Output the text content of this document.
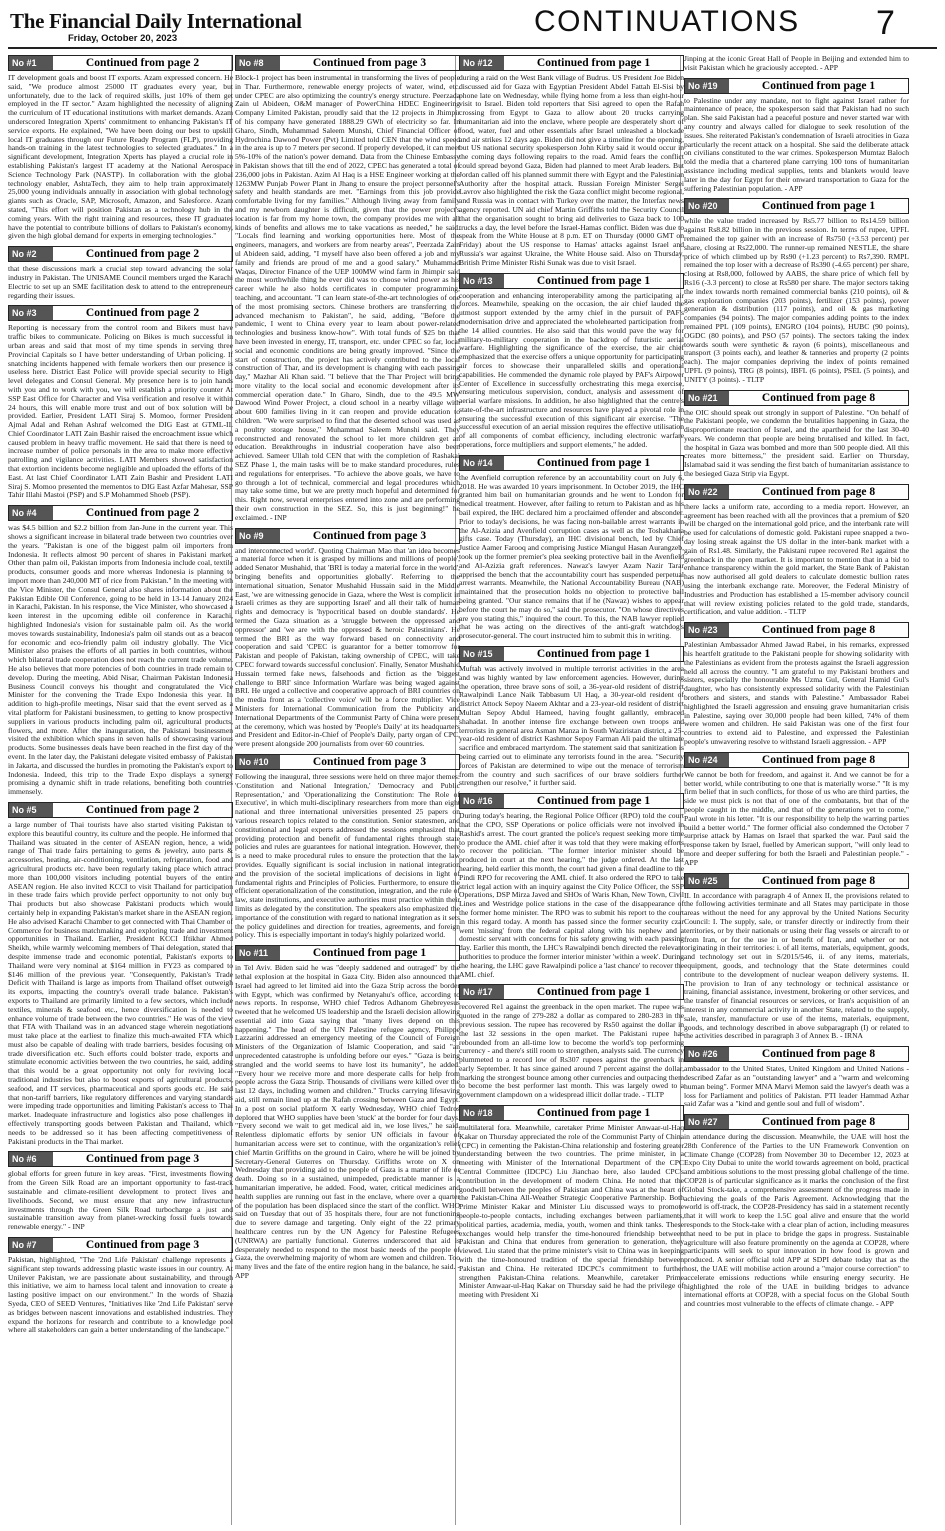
The Financial Daily International
Friday, October 20, 2023
CONTINUATIONS 7
No #1	Continued from page 2

IT development goals and boost IT exports. Azam expressed concern. He said, "We produce almost 25000 IT graduates every year, but unfortunately, due to the lack of required skills, just 10% of them get employed in the IT sector." Azam highlighted the necessity of aligning the curriculum of IT educational institutions with market demands. Azam underscored Integration Xperts' commitment to enhancing Pakistan's IT service exports. He explained, "We have been doing our best to upskill local IT graduates through our Future Ready Program (FLP), providing hands-on training in the latest technologies to selected graduates." In a significant development, Integration Xperts has played a crucial role in establishing Pakistan's largest IT academy at the National Aerospace Science Technology Park (NASTP). In collaboration with the global technology enabler, AshtaTech, they aim to help train approximately 25,000 young individuals annually in association with global technology giants such as Oracle, SAP, Microsoft, Amazon, and Salesforce. Azam stated, "This effort will position Pakistan as a technology hub in the coming years. With the right training and resources, these IT graduates have the potential to contribute billions of dollars to Pakistan's economy, given the high global demand for experts in emerging technologies."

No #2	Continued from page 2

that these discussions mark a crucial step toward advancing the solar industry in Pakistan. The UNISAME Council members urged the Karachi Electric to set up an SME facilitation desk to attend to the entrepreneurs regarding their issues.

No #3	Continued from page 2

Reporting is necessary from the control room and Bikers must have traffic bikes to communicate. Policing on Bikes is much successful in urban areas and said that most of my time spends in serving three Provincial Capitals so I have better understanding of Urban policing. If snatching incidents happened with female workers then our presence is useless here. District East Police will provide special security to High level delegates and Consul General. My presence here is to join hands with you and to work with you, we will establish a priority counter At SSP East Office for Character and Visa verification and resolve it within 24 hours, this will enable more trust and out of box solution will be provided. Earlier, President LATI Siraj S. Momoo, former President Ajmal Adal and Rehan Ashraf welcomed the DIG East at GTML-II. Chief Coordinator LATI Zain Bashir raised the encroachment issue which caused problem in heavy traffic movement. He said that there is need to increase number of police personals in the area to make more effective patrolling and vigilance activities. LATI Members showed satisfaction that extortion incidents become negligible and uploaded the efforts of the East. At last Chief Coordinator LATI Zain Bashir and President LATI Siraj S. Momoo presented the mementos to DIG East Azfar Mahesar, SSP Tahir Illahi Mastoi (PSP) and S.P Mohammed Shoeb (PSP).

No #4	Continued from page 2

was $4.5 billion and $2.2 billion from Jan-June in the current year. This shows a significant increase in bilateral trade between two countries over the years. "Pakistan is one of the biggest palm oil importers from Indonesia. It reflects almost 90 percent of shares in Pakistani market. Other than palm oil, Pakistan imports from Indonesia include coal, textile products, consumer goods and more whereas Indonesia is planning to import more than 240,000 MT of rice from Pakistan." In the meeting with the Vice Minister, the Consul General also shares information about the Pakistan Edible Oil Conference, going to be held in 13-14 January 2024 in Karachi, Pakistan. In his response, the Vice Minister, who showcased a keen interest in the upcoming edible oil conference in Karachi, highlighted Indonesia's vision for sustainable palm oil. As the world moves towards sustainability, Indonesia's palm oil stands out as a beacon for economic and eco-friendly palm oil industry globally. The Vice Minister also praises the efforts of all parties in both countries, without which bilateral trade cooperation does not reach the current trade volume. He also believes that more potencies of both countries in trade remain to develop. During the meeting, Abid Nisar, Chairman Pakistan Indonesia Business Council conveys his thought and congratulated the Vice Minister for the convening the Trade Expo Indonesia this year. In addition to high-profile meetings, Nisar said that the event served as a vital platform for Pakistani businessmen, to getting to know prospective suppliers in various products including palm oil, agricultural products, flowers, and more. After the inauguration, the Pakistani businessmen visited the exhibition which spans in seven halls of showcasing various products. Some businesses deals have been reached in the first day of the event. In the later day, the Pakistani delegate visited embassy of Pakistan in Jakarta, and discussed the hurdles in promoting the Pakistan's export to Indonesia. Indeed, this trip to the Trade Expo displays a synergy promising a dynamic shift in trade relations, benefiting both countries immensely.

No #5	Continued from page 2

a large number of Thai tourists have also started visiting Pakistan to explore this beautiful country, its culture and the people. He informed that Thailand was situated in the center of ASEAN region, hence, a wide range of Thai trade fairs pertaining to gems & jewelry, auto parts & accessories, heating, air-conditioning, ventilation, refrigeration, food and agricultural products etc. have been regularly taking place which attract more than 100,000 visitors including potential buyers of the entire ASEAN region. He also invited KCCI to visit Thailand for participation in these trade fairs which provide perfect opportunity to not only buy Thai products but also showcase Pakistani products which would certainly help in expanding Pakistan's market share in the ASEAN region. He also advised Karachi Chamber to get connected with Thai Chamber of Commerce for business matchmaking and exploring trade and investment opportunities in Thailand. Earlier, President KCCI Iftikhar Ahmed Sheikh, while warmly welcoming members of Thai delegation, stated that despite immense trade and economic potential, Pakistan's exports to Thailand were very nominal at $164 million in FY23 as compared to $146 million of the previous year. "Consequently, Pakistan's Trade Deficit with Thailand is large as imports from Thailand offset outweigh its exports, impacting the country's overall trade balance. Pakistan's exports to Thailand are primarily limited to a few sectors, which include textiles, minerals & seafood etc., hence diversification is needed to enhance volume of trade between the two countries." He was of the view that FTA with Thailand was in an advanced stage wherein negotiations must take place at the earliest to finalize this much-awaited FTA which must also be capable of dealing with trade barriers, besides focusing on trade diversification etc. Such efforts could bolster trade, exports and stimulate economic activities between the two countries, he said, adding that this would be a great opportunity not only for reviving local traditional industries but also to boost exports of agricultural products, seafood, and IT services, pharmaceutical and sports goods etc. He said that non-tariff barriers, like regulatory differences and varying standards were impeding trade opportunities and limiting Pakistan's access to Thai market. Inadequate infrastructure and logistics also pose challenges in effectively transporting goods between Pakistan and Thailand, which needs to be addressed so it has been affecting competitiveness of Pakistani products in the Thai market.

No #6	Continued from page 3

global efforts for green future in key areas. "First, investments flowing from the Green Silk Road are an important opportunity to fast-track sustainable and climate-resilient development to protect lives and livelihoods. Second, we must ensure that any new infrastructure investments through the Green Silk Road turbocharge a just and sustainable transition away from planet-wrecking fossil fuels towards renewable energy." - INP

No #7	Continued from page 3

Pakistan, highlighted, "The '2nd Life Pakistan' challenge represents a significant step towards addressing plastic waste issues in our country. At Unilever Pakistan, we are passionate about sustainability, and through this initiative, we aim to harness local talent and innovation to create a lasting positive impact on our environment." In the words of Shazia Syeda, CEO of SEED Ventures, "Initiatives like '2nd Life Pakistan' serve as bridges between nascent innovations and established industries. They expand the horizons for research and contribute to a knowledge pool where all stakeholders can gain a better understanding of the landscape."

No #8	Continued from page 3

Block-1 project has been instrumental in transforming the lives of people in Thar. Furthermore, renewable energy projects of water, wind, etc. under CPEC are also optimizing the country's energy structure. Peerzada Zain ul Abideen, O&M manager of PowerChina HDEC Engineering Company Limited Pakistan, proudly said that the 12 projects in Jhimpir of his company have generated 1888.29 GWh of electricity so far. In Gharo, Sindh, Muhammad Saleem Munshi, Chief Financial Officer of Hydrochina Dawood Power (Pvt) Limited told CEN that the wind speed in the area is up to 7 meters per second. If properly developed, it can meet 5%-10% of the nation's power demand. Data from the Chinese Embassy in Pakistan shows that till the end of 2022, CPEC has generated a total of 236,000 jobs in Pakistan. Azim Al Haq is a HSE Engineer working at the 1263MW Punjab Power Plant in Jhang to ensure the project personnel's safety and health standards are met. "Earnings from this job provide comfortable living for my families." Although living away from family and my newborn daughter is difficult, given that the power project's location is far from my home town, the company provides me with all kinds of benefits and allows me to take vacations as needed," he said. "Locals find learning and working opportunities here. Most of the engineers, managers, and workers are from nearby areas", Peerzada Zain ul Abideen said, adding, "I myself have also been offered a job and my family and friends are proud of me and a good salary." Muhammad Waqas, Director Finance of the UEP 100MW wind farm in Jhimpir said the most worthwhile thing he ever did was to choose wind power as his career while he also holds certificates in computer programming, teaching, and accountant. "I can learn state-of-the-art technologies of one of the most promising sectors. Chinese brothers are transferring the advanced mechanism to Pakistan", he said, adding, "Before the pandemic, I went to China every year to learn about power-related technologies and business know-how". With total funds of $25 bn that have been invested in energy, IT, transport, etc. under CPEC so far, local social and economic conditions are being greatly improved. "Since the start of construction, the project has actively contributed to the local construction of Thar, and its development is changing with each passing day," Mazhar Ali Khan said. "I believe that the Thar Project will bring more vitality to the local social and economic development after its commercial operation date." In Gharo, Sindh, due to the 49.5 MW Dawood Wind Power Project, a cloud school in a nearby village with about 600 families living in it can reopen and provide education to children. "We were surprised to find that the deserted school was used as a poultry storage house," Muhammad Saleem Munshi said. They reconstructed and renovated the school to let more children get an education. Breakthroughs in industrial cooperation have also been achieved. Sameer Ullah told CEN that with the completion of Rashakai SEZ Phase 1, the main tasks will be to make standard procedures, rules and regulations for enterprises. "To achieve the above goals, we have to go through a lot of technical, commercial and legal procedures which may take some time, but we are pretty much hopeful and determined for this. Right now, several enterprises entered into zone and are performing their own construction in the SEZ. So, this is just beginning!" he exclaimed. - INP

No #9	Continued from page 3

and interconnected world'. Quoting Chairman Mao that 'an idea becomes a material force when it is grasped by millions and millions of people', added Senator Mushahid, that 'BRI is today a material force in the world', bringing benefits and opportunities globally'. Referring to the international situation, Senator Mushahid Hussain said in the Middle East, 'we are witnessing genocide in Gaza, where the West is complicit in Israeli crimes as they are supporting Israel' and all their talk of human rights and democracy is 'hypocritical based on double standards'. He termed the Gaza situation as a 'struggle between the oppressed and oppressor' and 'we are with the oppressed & heroic Palestinians'. He termed the BRI as the way forward based on connectivity and cooperation and said 'CPEC is guarantor for a better tomorrow for Pakistan and people of Pakistan, taking ownership of CPEC, will take CPEC forward towards successful conclusion'. Finally, Senator Mushahid Hussain termed fake news, falsehoods and fiction as the 'biggest challenge to BRI' since Information Warfare was being waged against BRI. He urged a collective and cooperative approach of BRI countries on the media front as a 'collective voice' will be a force multiplier. Vice Ministers for International Communication from the Publicity and International Departments of the Communist Party of China were present at the ceremony, which was hosted by 'People's Daily' at its headquarters and President and Editor-in-Chief of People's Daily, party organ of CPC, were present alongside 200 journalists from over 60 countries.

No #10	Continued from page 3

Following the inaugural, three sessions were held on three major themes: 'Constitution and National Integration,' 'Democracy and Public Representation,' and 'Operationalizing the Constitution: The Role of Executive', in which multi-disciplinary researchers from more than eight national and three international universities presented 25 papers on various research topics related to the constitution. Senior statesmen, and constitutional and legal experts addressed the sessions emphasized that providing protection and benefit of fundamental rights through state policies and rules are guarantees for national integration. However, there is a need to make procedural rules to ensure the protection that the law provides. Equally significant is social inclusion in national integration and the provision of the societal implications of decisions in light of fundamental rights and Principles of Policies. Furthermore, to ensure the efficient operationalization of the constitution, integration, and the rule of law, state institutions, and executive authorities must practice within their limits as delegated by the constitution. The speakers also emphasized the importance of the constitution with regard to national integration as it sets the policy guidelines and direction for treaties, agreements, and foreign policy. This is especially important in today's highly polarized world.

No #11	Continued from page 1

in Tel Aviv. Biden said he was "deeply saddened and outraged" by the lethal explosion at the hospital in Gaza City. Biden also announced that Israel had agreed to let limited aid into the Gaza Strip across the border with Egypt, which was confirmed by Netanyahu's office, according to news reports. In response, WHO chief Tedros Adhanom Ghebreyesus tweeted that he welcomed US leadership and the Israeli decision allowing essential aid into Gaza saying that "many lives depend on this happening." The head of the UN Palestine refugee agency, Philippe Lazzarini addressed an emergency meeting of the Council of Foreign Ministers of the Organization of Islamic Cooperation, and said "an unprecedented catastrophe is unfolding before our eyes." "Gaza is being strangled and the world seems to have lost its humanity", he added. "Every hour we receive more and more desperate calls for help from people across the Gaza Strip. Thousands of civilians were killed over the last 12 days, including women and children." Trucks carrying lifesaving aid, still remain lined up at the Rafah crossing between Gaza and Egypt. In a post on social platform X early Wednesday, WHO chief Tedros deplored that WHO supplies have been 'stuck' at the border for four days. "Every second we wait to get medical aid in, we lose lives," he said. Relentless diplomatic efforts by senior UN officials in favour of humanitarian access were set to continue, with the organization's relief chief Martin Griffiths on the ground in Cairo, where he will be joined by Secretary-General Guterres on Thursday. Griffiths wrote on X on Wednesday that providing aid to the people of Gaza is a matter of life or death. Doing so in a sustained, unimpeded, predictable manner is a humanitarian imperative, he added. Food, water, critical medicines and health supplies are running out fast in the enclave, where over a quarter of the population has been displaced since the start of the conflict. WHO said on Tuesday that out of 35 hospitals there, four are not functioning due to severe damage and targeting. Only eight of the 22 primary healthcare centres run by the UN Agency for Palestine Refugees (UNRWA) are partially functional. Guterres underscored that aid is desperately needed to respond to the most basic needs of the people of Gaza, the overwhelming majority of whom are women and children. Too many lives and the fate of the entire region hang in the balance, he said. - APP

No #12	Continued from page 1

during a raid on the West Bank village of Budrus. US President Joe Biden discussed aid for Gaza with Egyptian President Abdel Fattah El-Sisi by phone late on Wednesday, while flying home from a less than eight-hour visit to Israel. Biden told reporters that Sisi agreed to open the Rafah crossing from Egypt to Gaza to allow about 20 trucks carrying humanitarian aid into the enclave, where people are desperately short of food, water, fuel and other essentials after Israel unleashed a blockade and air strikes 12 days ago. Biden did not give a timeline for the opening, but US national security spokesperson John Kirby said it would occur in the coming days following repairs to the road. Amid fears the conflict could spread beyond Gaza, Biden had planned to meet Arab leaders. But Jordan called off his planned summit there with Egypt and the Palestinian Authority after the hospital attack. Russian Foreign Minister Sergei Lavrov also highlighted the risk the Gaza conflict might become regional, and Russia was in contact with Turkey over the matter, the Interfax news agency reported. UN aid chief Martin Griffiths told the Security Council that the organisation sought to bring aid deliveries to Gaza back to 100 trucks a day, the level before the Israel-Hamas conflict. Biden was due to speak from the White House at 8 p.m. ET on Thursday (0000 GMT on Friday) about the US response to Hamas' attacks against Israel and Russia's war against Ukraine, the White House said. Also on Thursday, British Prime Minister Rishi Sunak was due to visit Israel.

No #13	Continued from page 1

cooperation and enhancing interoperability among the participating air forces. Meanwhile, speaking on the occasion, the air chief lauded the utmost support extended by the army chief in the pursuit of PAF's modernisation drive and appreciated the wholehearted participation from the 14 allied countries. He also said that this would pave the way for military-to-military cooperation in the backdrop of futuristic aerial warfare. Highlighting the significance of the exercise, the air chief emphasized that the exercise offers a unique opportunity for participating air forces to showcase their unparalleled skills and operational capabilities. He commended the dynamic role played by PAF's Airpower Center of Excellence in successfully orchestrating this mega exercise, ensuring meticulous supervision, conduct, analysis and assessment of aerial warfare missions. In addition, he also highlighted that the centre's state-of-the-art infrastructure and resources have played a pivotal role in ensuring the successful execution of this significant air exercise. "The successful execution of an aerial mission requires the effective utilisation of all components of combat efficiency, including electronic warfare operations, force multipliers and support elements," he added.

No #14	Continued from page 1

the Avenfield corruption reference by an accountability court on July 6, 2018. He was awarded 10 years imprisonment. In October 2019, the IHC granted him bail on humanitarian grounds and he went to London for medical treatment. However, after failing to return to Pakistan and as his bail expired, the IHC declared him a proclaimed offender and absconder. Prior to today's decisions, he was facing non-bailable arrest warrants in the Al-Azizia and Avenfield corruption cases as well as the Toshakhana gifts case. Today (Thursday), an IHC divisional bench, led by Chief Justice Aamer Farooq and comprising Justice Miangul Hasan Aurangzeb, took up the former premier's plea seeking protective bail in the Avenfield and Al-Azizia graft references. Nawaz's lawyer Azam Nazir Tarar apprised the bench that the accountability court has suspended perpetual arrest warrants. Meanwhile, the National Accountability Bureau (NAB) maintained that the prosecution holds no objection to protective bail being granted. "Our stance remains that if he (Nawaz) wishes to appear before the court he may do so," said the prosecutor. "On whose directives are you stating this," inquired the court. To this, the NAB lawyer replied that he was acting on the directives of the anti-graft watchdog's prosecutor-general. The court instructed him to submit this in writing.

No #15	Continued from page 1

Muftah was actively involved in multiple terrorist activities in the area and was highly wanted by law enforcement agencies. However, during the operation, three brave sons of soil, a 36-year-old resident of district Rawalpindi Lance Naik Tabbasum Ul Haq, a 30-year-old resident of district Attock Sepoy Naeem Akhtar and a 23-year-old resident of district Multan Sepoy Abdul Hameed, having fought gallantly, embraced shahadat. In another intense fire exchange between own troops and terrorists in general area Asman Manza in South Waziristan district, a 25-year-old resident of district Kashmor Sepoy Farman Ali paid the ultimate sacrifice and embraced martyrdom. The statement said that sanitization is being carried out to eliminate any terrorists found in the area. "Security forces of Pakistan are determined to wipe out the menace of terrorism from the country and such sacrifices of our brave soldiers further strengthen our resolve," it further said.

No #16	Continued from page 1

During today's hearing, the Regional Police Officer (RPO) told the court that the CPO, SSP Operations or police officials were not involved in Rashid's arrest. The court granted the police's request seeking more time to produce the AML chief after it was told that they were making efforts to recover the politician. "The former interior minister should be produced in court at the next hearing," the judge ordered. At the last hearing, held earlier this month, the court had given a final deadline to the Pindi RPO for recovering the AML chief. It also ordered the RPO to take strict legal action with an inquiry against the City Police Officer, the SSP Operations, DSP Mirza Javed and SHOs of Waris Khan, New Town, Civil Lines and Westridge police stations in the case of the disappearance of the former home minister. The RPO was to submit his report to the court in this regard today. A month has passed since the former security czar went 'missing' from the federal capital along with his nephew and a domestic servant with concerns for his safety growing with each passing day. Earlier this month, the LHC's Rawalpindi bench directed the relevant authorities to produce the former interior minister 'within a week'. During the hearing, the LHC gave Rawalpindi police a 'last chance' to recover the AML chief.

No #17	Continued from page 1

recovered Re1 against the greenback in the open market. The rupee was quoted in the range of 279-282 a dollar as compared to 280-283 in the previous session. The rupee has recovered by Rs50 against the dollar in the last 32 sessions in the open market. The Pakistani rupee has rebounded from an all-time low to become the world's top performing currency - and there's still room to strengthen, analysts said. The currency plummeted to a record low of Rs307 rupees against the greenback in early September. It has since gained around 7 percent against the dollar, marking the strongest bounce among other currencies and outpacing them to become the best performer last month. This was largely owed to a government clampdown on a widespread illicit dollar trade. - TLTP

No #18	Continued from page 1

multilateral fora. Meanwhile, caretaker Prime Minister Anwaar-ul-Haq Kakar on Thursday appreciated the role of the Communist Party of China (CPC) in cementing the Pakistan-China relationship and fostering greater understanding between the two countries. The prime minister, in a meeting with Minister of the International Department of the CPC Central Committee (IDCPC) Liu Jianchao here, also lauded CPC's contribution in the development of modern China. He noted that the goodwill between the peoples of Pakistan and China was at the heart of the Pakistan-China All-Weather Strategic Cooperative Partnership. Both Prime Minister Kakar and Minister Liu discussed ways to promote people-to-people contacts, including exchanges between parliaments, political parties, academia, media, youth, women and think tanks. These exchanges would help transfer the time-honoured friendship between Pakistan and China that endures from generation to generation, they viewed. Liu stated that the prime minister's visit to China was in keeping with the time-honoured tradition of the special friendship between Pakistan and China. He reiterated IDCPC's commitment to further strengthen Pakistan-China relations. Meanwhile, caretaker Prime Minister Anwaar-ul-Haq Kakar on Thursday said he had the privilege of meeting with President Xi

Jinping at the iconic Great Hall of People in Beijing and extended him to visit Pakistan which he graciously accepted. - APP

No #19	Continued from page 1

to Palestine under any mandate, not to fight against Israel rather for maintenance of peace, the spokesperson said that Pakistan had no such plan. She said Pakistan had a peaceful posture and never started war with any country and always called for dialogue to seek resolution of the issues. She reiterated Pakistan's condemnation of Israeli atrocities in Gaza particularly the recent attack on a hospital. She said the deliberate attack on civilians constituted to the war crimes. Spokesperson Mumtaz Baloch told the media that a chartered plane carrying 100 tons of humanitarian assistance including medical supplies, tents and blankets would leave later in the day for Egypt for their onward transportation to Gaza for the suffering Palestinian population. - APP

No #20	Continued from page 1

while the value traded increased by Rs5.77 billion to Rs14.59 billion against Rs8.82 billion in the previous session. In terms of rupee, UPFL remained the top gainer with an increase of Rs750 (+3.53 percent) per share, closing at Rs22,000. The runner-up remained NESTLE, the share price of which climbed up by Rs90 (+1.23 percent) to Rs7,390. RMPL remained the top loser with a decrease of Rs390 (-4.65 percent) per share, closing at Rs8,000, followed by AABS, the share price of which fell by Rs16 (-3.3 percent) to close at Rs580 per share. The major sectors taking the index towards north remained commercial banks (210 points), oil & gas exploration companies (203 points), fertilizer (153 points), power generation & distribution (117 points), and oil & gas marketing companies (94 points). The major companies adding points to the index remained PPL (109 points), ENGRO (104 points), HUBC (90 points), OGDC (80 points), and PSO (57 points). The sectors taking the index towards south were synthetic & rayon (6 points), miscellaneous and transport (3 points each), and leather & tanneries and property (2 points each). The major companies depriving the index of points remained UPFL (9 points), TRG (8 points), IBFL (6 points), PSEL (5 points), and UNITY (3 points). - TLTP

No #21	Continued from page 8

the OIC should speak out strongly in support of Palestine. "On behalf of the Pakistani people, we condemn the brutalities happening in Gaza, the disproportionate reaction of Israel, and the apartheid for the last 30-40 years. We condemn that people are being brutalised and killed. In fact, the hospital in Gaza was bombed and more than 500 people died. All this creates more bitterness," the president said. Earlier on Thursday, Islamabad said it was sending the first batch of humanitarian assistance to the besieged Gaza Strip via Egypt.

No #22	Continued from page 8

there lacks a uniform rate, according to a media report. However, an agreement has been reached with all the provinces that a premium of $20 will be charged on the international gold price, and the interbank rate will be used for calculations of domestic gold. Pakistani rupee snapped a two-day losing streak against the US dollar in the inter-bank market with a gain of Rs1.48. Similarly, the Pakistani rupee recovered Re1 against the greenback in the open market. It is important to mention that in a bid to enhance transparency within the gold market, the State Bank of Pakistan has now authorised all gold dealers to calculate domestic bullion rates using the interbank exchange rate. Moreover, the Federal Ministry of Industries and Production has established a 15-member advisory council that will review existing policies related to the gold trade, standards, certification, and value addition. - TLTP

No #23	Continued from page 8

Palestinian Ambassador Ahmed Jawad Rabei, in his remarks, expressed his heartfelt gratitude to the Pakistani people for showing solidarity with the Palestinians as evident from the protests against the Israeli aggression held all across the country. "I am grateful to my Pakistani brothers and sisters, especially the honourable Ms Uzma Gul, General Hamid Gul's daughter, who has consistently expressed solidarity with the Palestinian brothers and sisters, and stands with Palestine." Ambassador Rabei highlighted the Israeli aggression and ensuing grave humanitarian crisis in Palestine, saying over 30,000 people had been killed, 74% of them were women and children. He said Pakistan was one of the first four countries to extend aid to Palestine, and expressed the Palestinian people's unwavering resolve to withstand Israeli aggression. - APP

No #24	Continued from page 8

We cannot be both for freedom, and against it. And we cannot be for a better world, while contributing to one that is materially worse." "It is my firm belief that in such conflicts, for those of us who are third parties, the side we must pick is not that of one of the combatants, but that of the people caught in the middle, and that of the generations yet to come," Paul wrote in his letter. "It is our responsibility to help the warring parties build a better world." The former official also condemned the October 7 surprise attack by Hamas on Israel that sparked the war. Paul said the response taken by Israel, fuelled by American support, "will only lead to more and deeper suffering for both the Israeli and Palestinian people." - APP

No #25	Continued from page 8

II. In accordance with paragraph 4 of Annex II, the provisions related to the following activities terminate and all States may participate in those areas without the need for any approval by the United Nations Security Council: I. The supply, sale, or transfer directly or indirectly from their territories, or by their nationals or using their flag vessels or aircraft to or from Iran, or for the use in or benefit of Iran, and whether or not originating in their territories: i. of all items, materials, equipment, goods, and technology set out in S/2015/546, ii. of any items, materials, equipment, goods, and technology that the State determines could contribute to the development of nuclear weapon delivery systems. II. The provision to Iran of any technology or technical assistance or training, financial assistance, investment, brokering or other services, and the transfer of financial resources or services, or Iran's acquisition of an interest in any commercial activity in another State, related to the supply, sale, transfer, manufacture or use of the items, materials, equipment, goods, and technology described in above subparagraph (I) or related to the activities described in paragraph 3 of Annex B. - IRNA

No #26	Continued from page 8

ambassador to the United States, United Kingdom and United Nations - described Zafar as an "outstanding lawyer" and a "warm and welcoming human being". Former MNA Marvi Memon said the lawyer's death was a loss for Parliament and politics of Pakistan. PTI leader Hammad Azhar said Zafar was a "kind and gentle soul and full of wisdom".

No #27	Continued from page 8

in attendance during the discussion. Meanwhile, the UAE will host the 28th Conference of the Parties to the UN Framework Convention on Climate Change (COP28) from November 30 to December 12, 2023 at Expo City Dubai to unite the world towards agreement on bold, practical and ambitious solutions to the most pressing global challenge of the time. COP28 is of particular significance as it marks the conclusion of the first Global Stock-take, a comprehensive assessment of the progress made in achieving the goals of the Paris Agreement. Acknowledging that the world is off-track, the COP28-Presidency has said in a statement recently that it will work to keep the 1.5C goal alive and ensure that the world responds to the Stock-take with a clear plan of action, including measures that need to be put in place to bridge the gaps in progress. Sustainable agriculture will also feature prominently on the agenda at COP28, where participants will seek to spur innovation in how food is grown and produced. A senior official told APP at SDPI debate today that as the host, the UAE will mobilise action around a "major course correction" to accelerate emissions reductions while ensuring energy security. He highlighted the role of the UAE in building bridges to advance international efforts at COP28, with a special focus on the Global South and countries most vulnerable to the effects of climate change. - APP
